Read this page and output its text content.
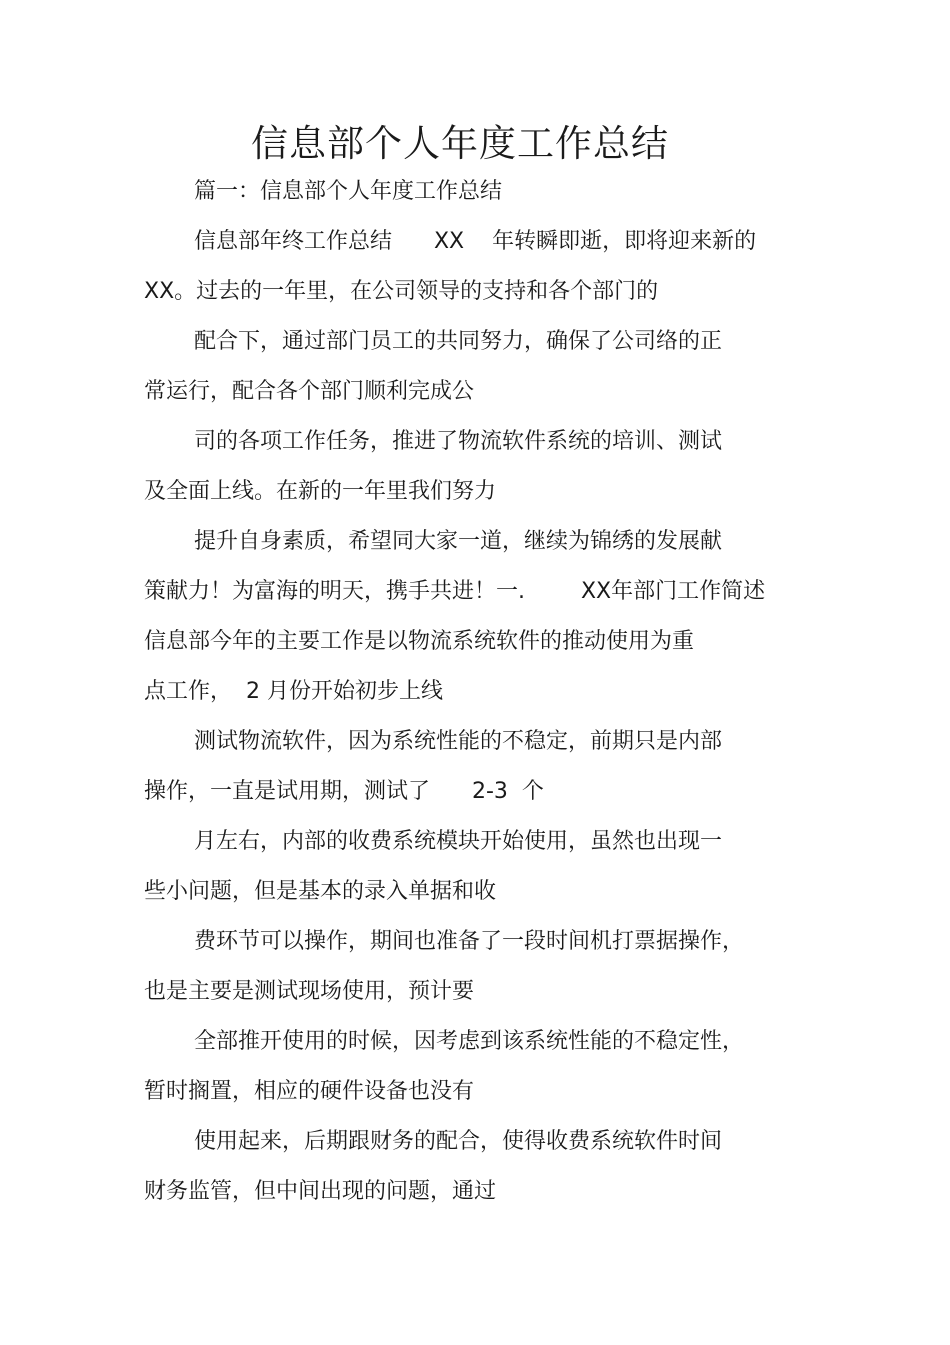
信息部个人年度工作总结
篇一：信息部个人年度工作总结
信息部年终工作总结      XX    年转瞬即逝，即将迎来新的
XX。过去的一年里，在公司领导的支持和各个部门的
配合下，通过部门员工的共同努力，确保了公司络的正
常运行，配合各个部门顺利完成公
司的各项工作任务，推进了物流软件系统的培训、测试
及全面上线。在新的一年里我们努力
提升自身素质，希望同大家一道，继续为锦绣的发展献
策献力！为富海的明天，携手共进！一.        XX年部门工作简述
信息部今年的主要工作是以物流系统软件的推动使用为重
点工作，  2 月份开始初步上线
测试物流软件，因为系统性能的不稳定，前期只是内部
操作，一直是试用期，测试了      2-3  个
月左右，内部的收费系统模块开始使用，虽然也出现一
些小问题，但是基本的录入单据和收
费环节可以操作，期间也准备了一段时间机打票据操作，
也是主要是测试现场使用，预计要
全部推开使用的时候，因考虑到该系统性能的不稳定性，
暂时搁置，相应的硬件设备也没有
使用起来，后期跟财务的配合，使得收费系统软件时间
财务监管，但中间出现的问题，通过
